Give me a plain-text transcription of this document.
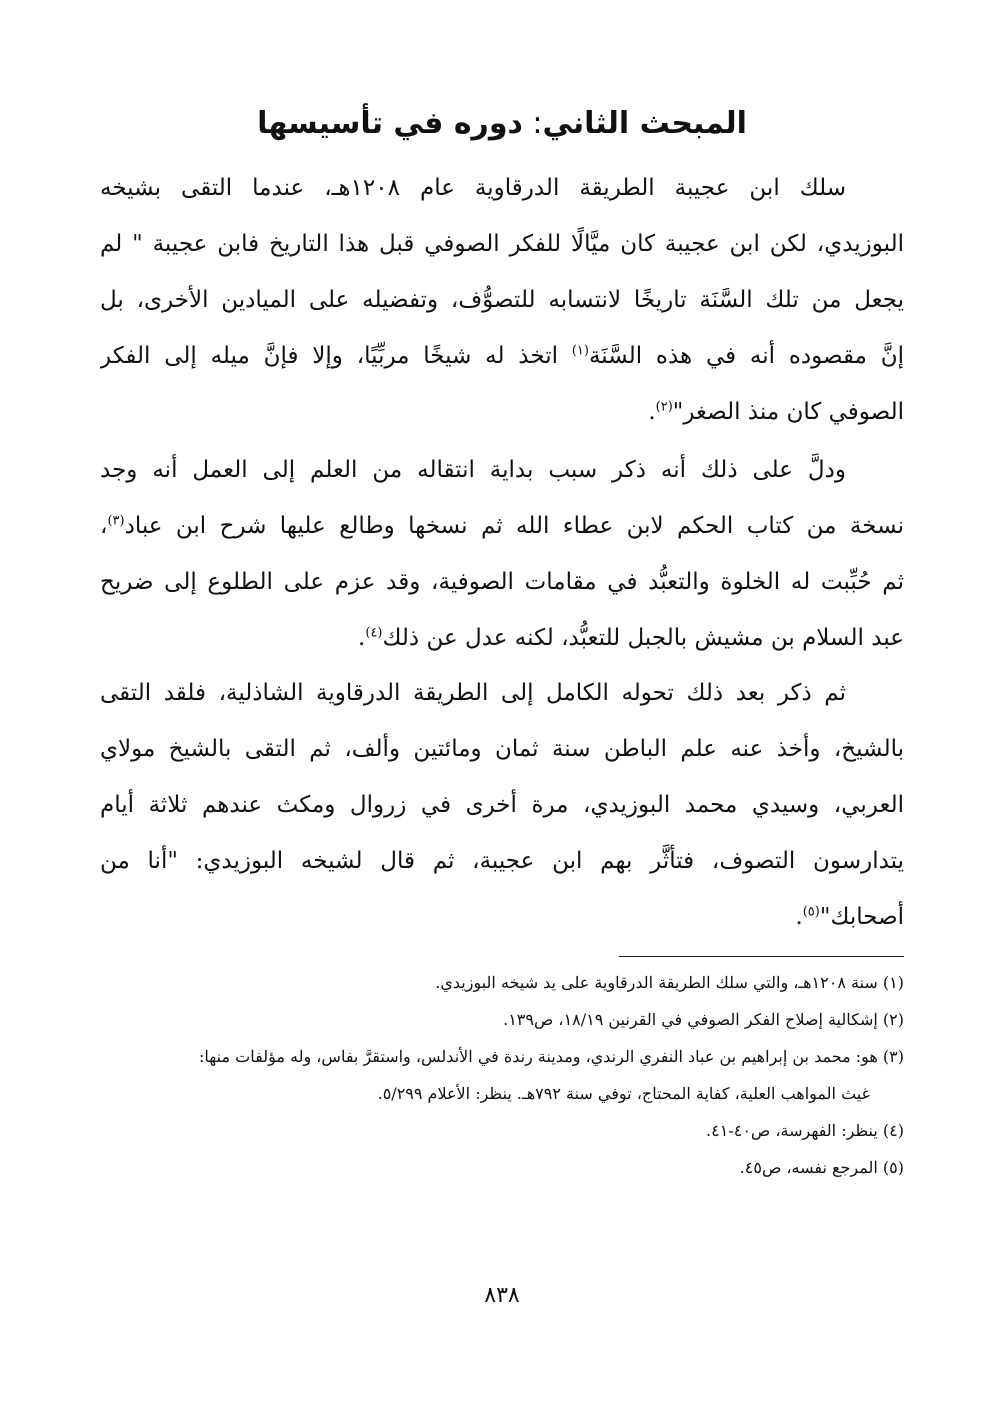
المبحث الثاني: دوره في تأسيسها
سلك ابن عجيبة الطريقة الدرقاوية عام ١٢٠٨هـ، عندما التقى بشيخه
البوزيدي، لكن ابن عجيبة كان ميَّالًا للفكر الصوفي قبل هذا التاريخ فابن عجيبة " لم
يجعل من تلك السَّنَة تاريخًا لانتسابه للتصوُّف، وتفضيله على الميادين الأخرى، بل
إنَّ مقصوده أنه في هذه السَّنَة$^{(١)}$ اتخذ له شيخًا مربِّيًا، وإلا فإنَّ ميله إلى الفكر
الصوفي كان منذ الصغر"$^{(٢)}$.
ودلَّ على ذلك أنه ذكر سبب بداية انتقاله من العلم إلى العمل أنه وجد
نسخة من كتاب الحكم لابن عطاء الله ثم نسخها وطالع عليها شرح ابن عباد$^{(٣)}$،
ثم حُبِّبت له الخلوة والتعبُّد في مقامات الصوفية، وقد عزم على الطلوع إلى ضريح
عبد السلام بن مشيش بالجبل للتعبُّد، لكنه عدل عن ذلك$^{(٤)}$.
ثم ذكر بعد ذلك تحوله الكامل إلى الطريقة الدرقاوية الشاذلية، فلقد التقى
بالشيخ، وأخذ عنه علم الباطن سنة ثمان ومائتين وألف، ثم التقى بالشيخ مولاي
العربي، وسيدي محمد البوزيدي، مرة أخرى في زروال ومكث عندهم ثلاثة أيام
يتدارسون التصوف، فتأثَّر بهم ابن عجيبة، ثم قال لشيخه البوزيدي: "أنا من
أصحابك"$^{(٥)}$.
(١) سنة ١٢٠٨هـ، والتي سلك الطريقة الدرقاوية على يد شيخه البوزيدي.
(٢) إشكالية إصلاح الفكر الصوفي في القرنين ١٨/١٩، ص١٣٩.
(٣) هو: محمد بن إبراهيم بن عباد النفري الرندي، ومدينة رندة في الأندلس، واستقرَّ بفاس، وله مؤلفات منها:
غيث المواهب العلية، كفاية المحتاج، توفي سنة ٧٩٢هـ. ينظر: الأعلام ٥/٢٩٩.
(٤) ينظر: الفهرسة، ص٤٠-٤١.
(٥) المرجع نفسه، ص٤٥.
٨٣٨
